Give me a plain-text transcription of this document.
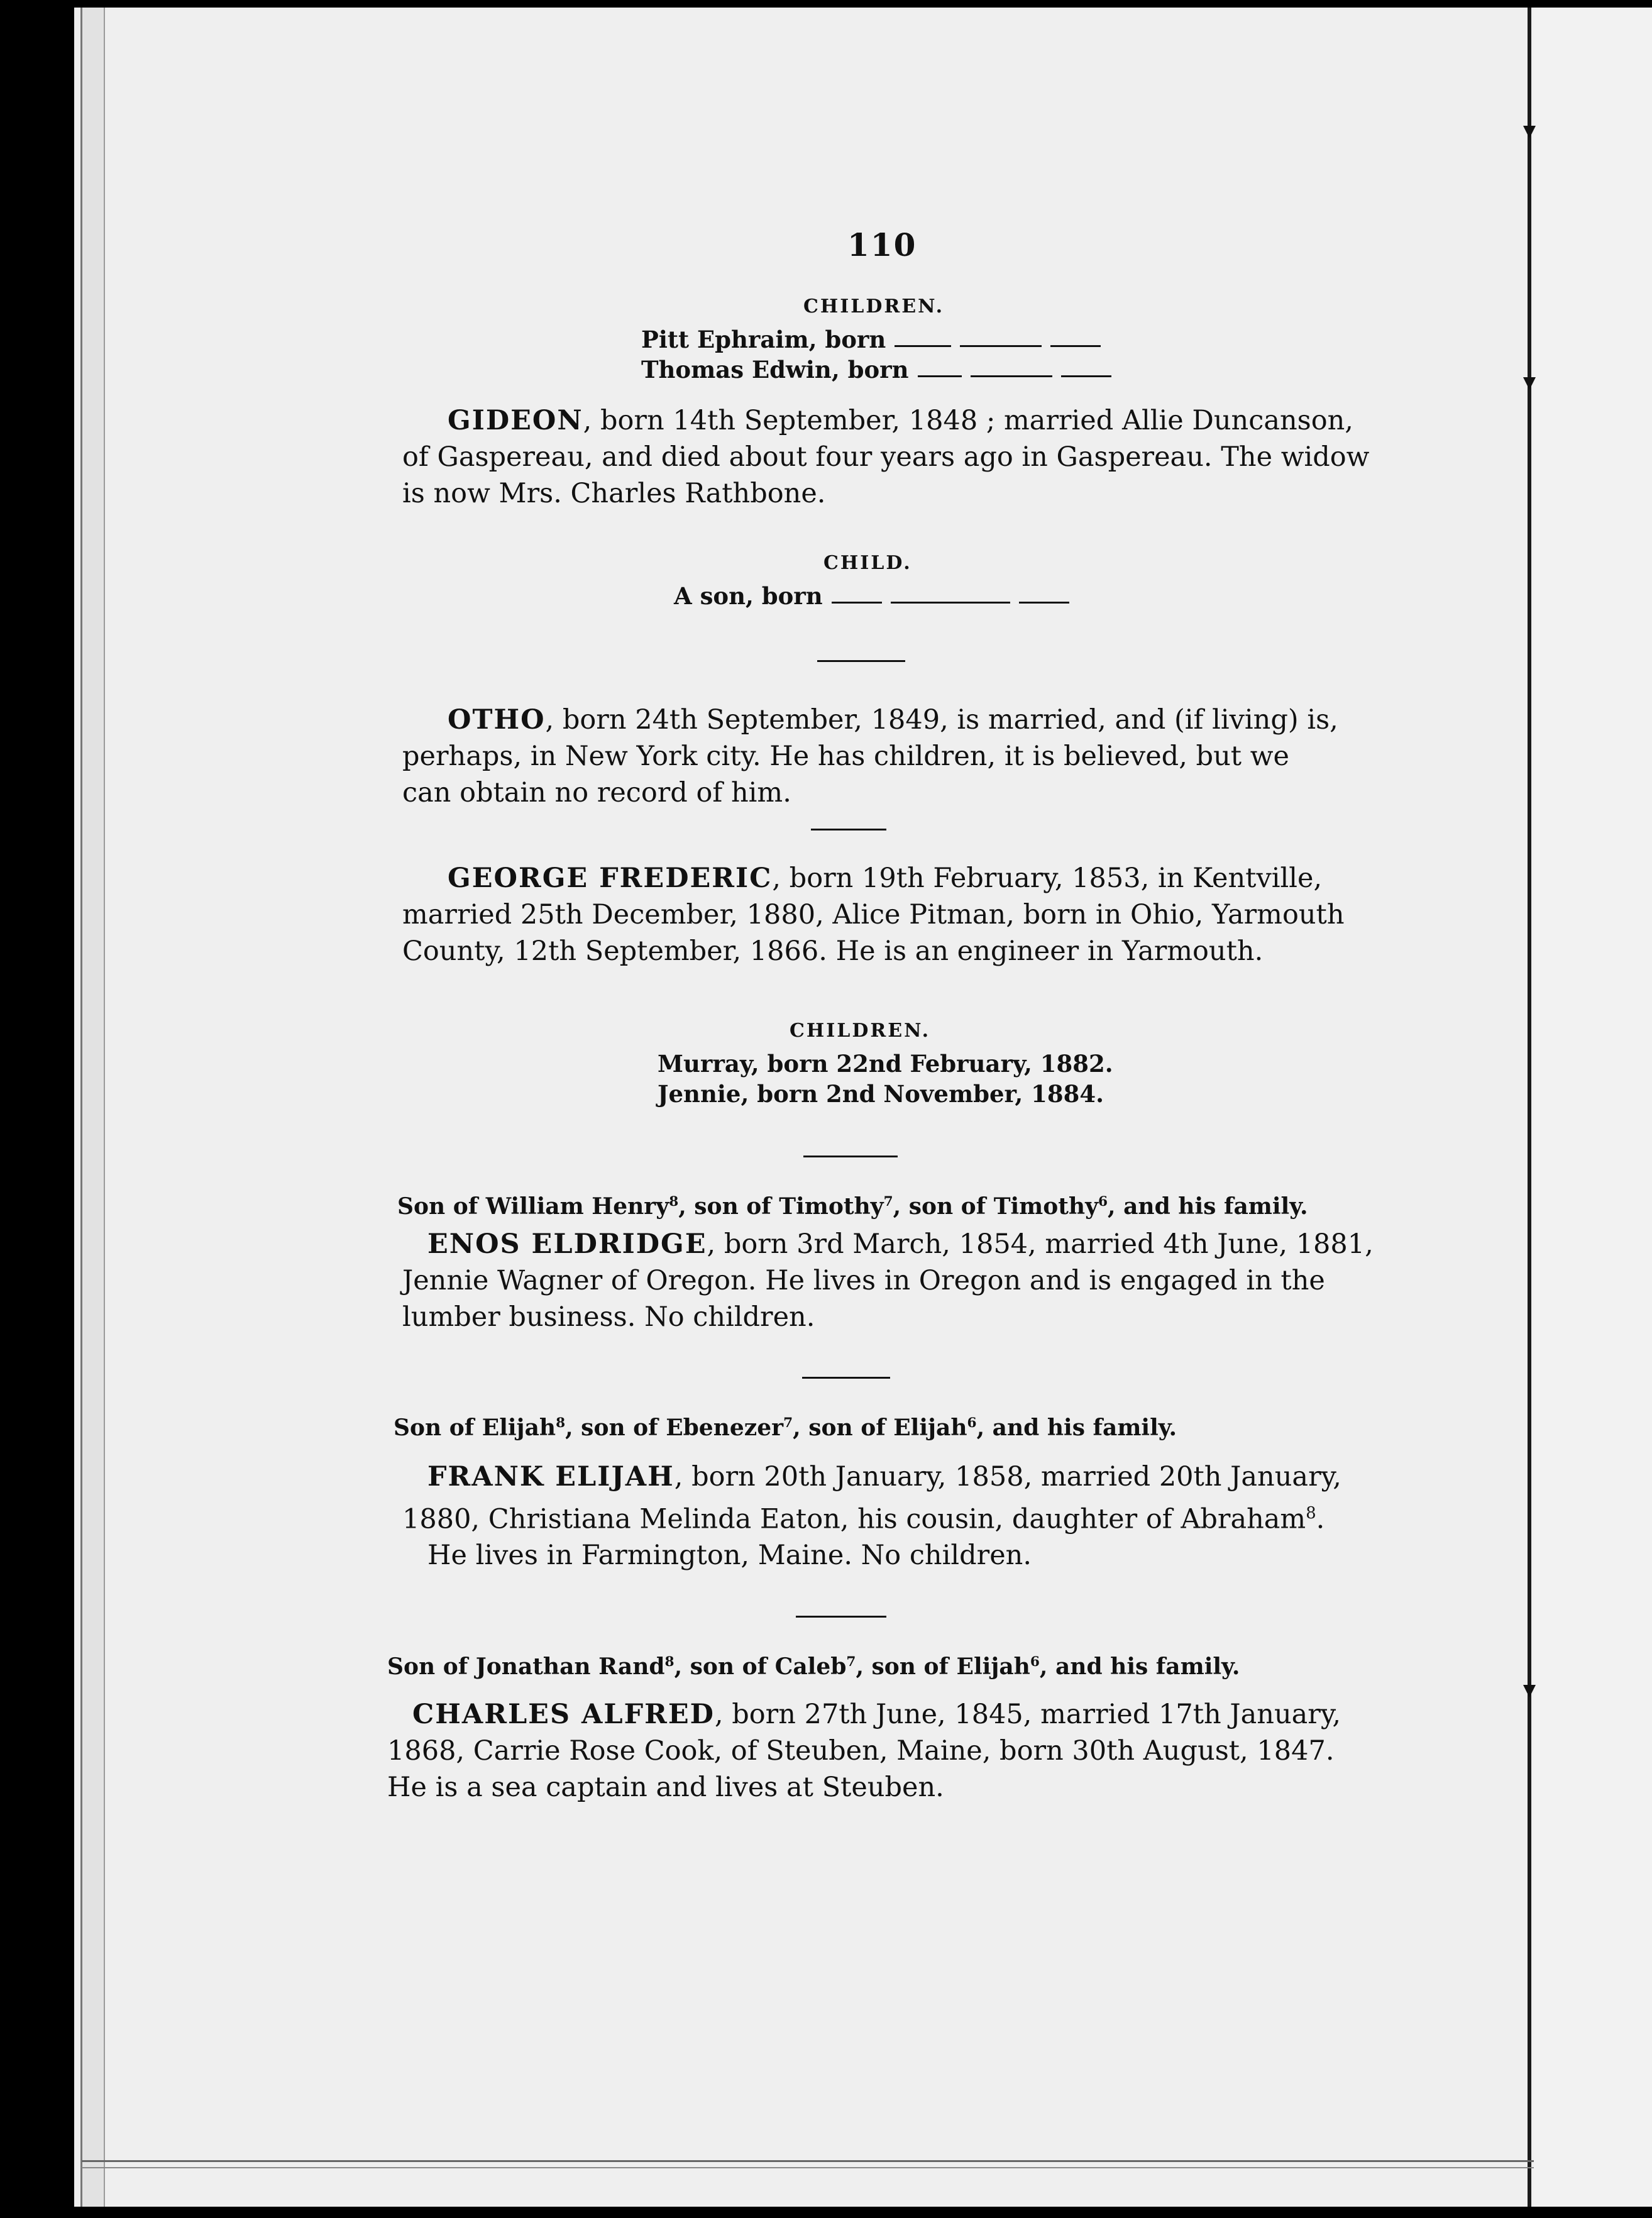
110
CHILDREN.
Pitt Ephraim, born
Thomas Edwin, born
GIDEON, born 14th September, 1848 ; married Allie Duncanson,
of Gaspereau, and died about four years ago in Gaspereau. The widow
is now Mrs. Charles Rathbone.
CHILD.
A son, born
OTHO, born 24th September, 1849, is married, and (if living) is,
perhaps, in New York city. He has children, it is believed, but we
can obtain no record of him.
GEORGE FREDERIC, born 19th February, 1853, in Kentville,
married 25th December, 1880, Alice Pitman, born in Ohio, Yarmouth
County, 12th September, 1866. He is an engineer in Yarmouth.
CHILDREN.
Murray, born 22nd February, 1882.
Jennie, born 2nd November, 1884.
Son of William Henry$^8$, son of Timothy$^7$, son of Timothy$^6$, and his family.
ENOS ELDRIDGE, born 3rd March, 1854, married 4th June, 1881,
Jennie Wagner of Oregon. He lives in Oregon and is engaged in the
lumber business. No children.
Son of Elijah$^8$, son of Ebenezer$^7$, son of Elijah$^6$, and his family.
FRANK ELIJAH, born 20th January, 1858, married 20th January,
1880, Christiana Melinda Eaton, his cousin, daughter of Abraham$^8$.
He lives in Farmington, Maine. No children.
Son of Jonathan Rand$^8$, son of Caleb$^7$, son of Elijah$^6$, and his family.
CHARLES ALFRED, born 27th June, 1845, married 17th January,
1868, Carrie Rose Cook, of Steuben, Maine, born 30th August, 1847.
He is a sea captain and lives at Steuben.
